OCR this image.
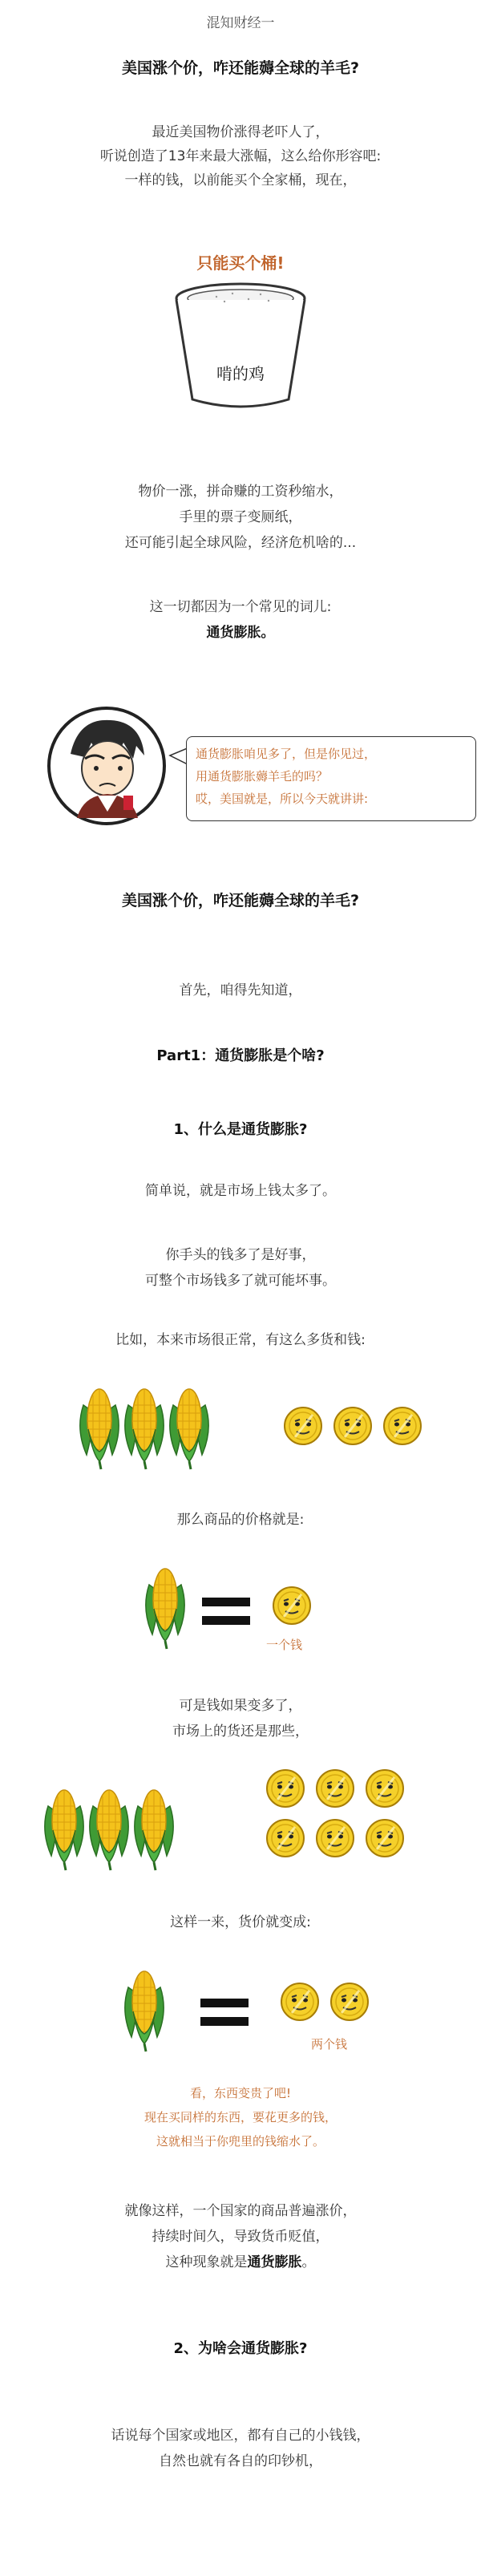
混知财经一
美国涨个价，咋还能薅全球的羊毛?
最近美国物价涨得老吓人了，
听说创造了13年来最大涨幅，这么给你形容吧:
一样的钱，以前能买个全家桶，现在，
只能买个桶!
啃的鸡
物价一涨，拼命赚的工资秒缩水，
手里的票子变厕纸，
还可能引起全球风险，经济危机啥的...
这一切都因为一个常见的词儿:
通货膨胀。
通货膨胀咱见多了，但是你见过，
用通货膨胀薅羊毛的吗？
哎，美国就是，所以今天就讲讲:
美国涨个价，咋还能薅全球的羊毛?
首先，咱得先知道，
Part1：通货膨胀是个啥?
1、什么是通货膨胀?
简单说，就是市场上钱太多了。
你手头的钱多了是好事，
可整个市场钱多了就可能坏事。
比如，本来市场很正常，有这么多货和钱:
那么商品的价格就是:
一个钱
可是钱如果变多了，
市场上的货还是那些，
这样一来，货价就变成:
两个钱
看，东西变贵了吧!
现在买同样的东西，要花更多的钱，
这就相当于你兜里的钱缩水了。
就像这样，一个国家的商品普遍涨价，
持续时间久，导致货币贬值，
这种现象就是通货膨胀。
2、为啥会通货膨胀?
话说每个国家或地区，都有自己的小钱钱，
自然也就有各自的印钞机，
